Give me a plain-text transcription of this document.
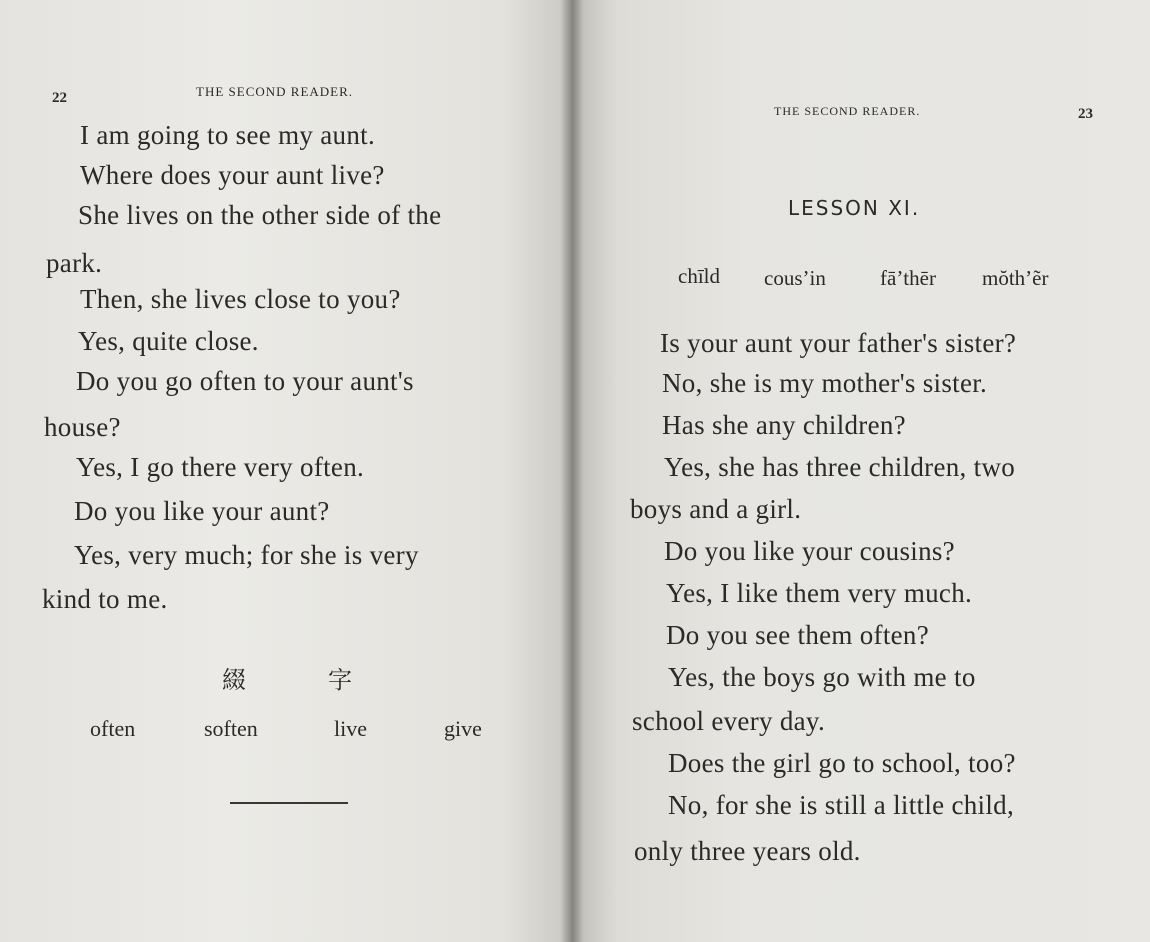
22	THE SECOND READER.
I am going to see my aunt.
Where does your aunt live?
She lives on the other side of the
park.
Then, she lives close to you?
Yes, quite close.
Do you go often to your aunt's
house?
Yes, I go there very often.
Do you like your aunt?
Yes, very much; for she is very
kind to me.
綴	字
often	soften	live	give
THE SECOND READER.	23
LESSON XI.
chīld cousʼin	fāʼthēr mŏthʼẽr
Is your aunt your father's sister?
No, she is my mother's sister.
Has she any children?
Yes, she has three children, two
boys and a girl.
Do you like your cousins?
Yes, I like them very much.
Do you see them often?
Yes, the boys go with me to
school every day.
Does the girl go to school, too?
No, for she is still a little child,
only three years old.
